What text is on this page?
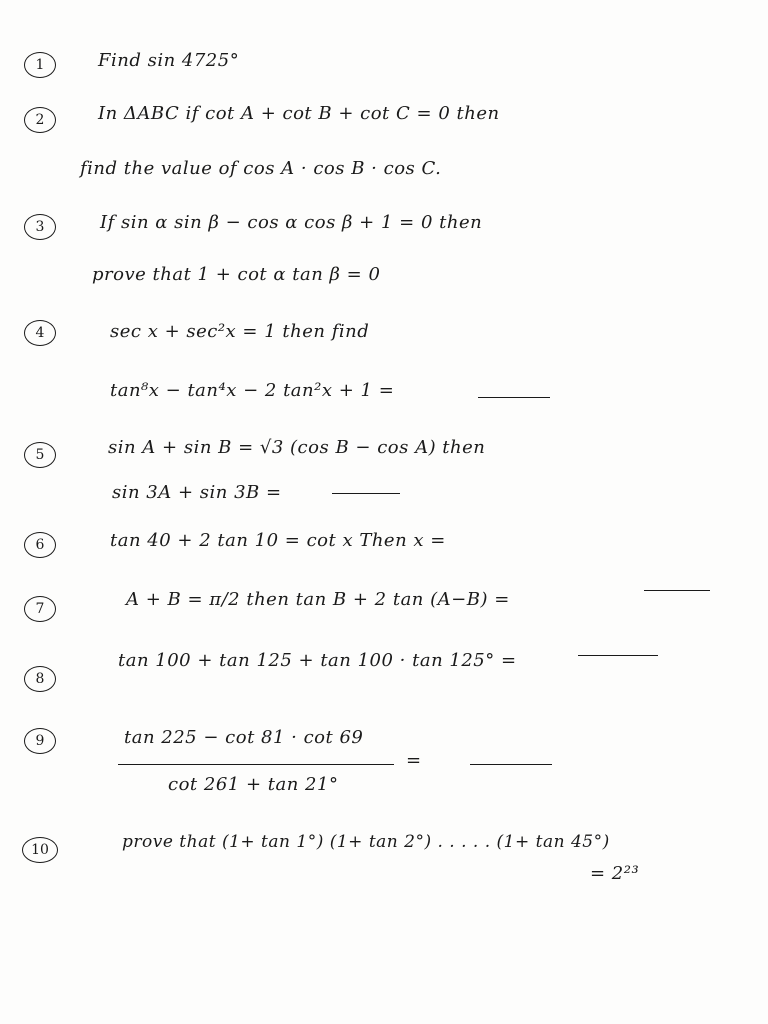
1	Find sin 4725°
2	In ΔABC if cot A + cot B + cot C = 0 then
find the value of cos A · cos B · cos C.
3	If sin α sin β − cos α cos β + 1 = 0 then
prove that 1 + cot α tan β = 0
4	sec x + sec²x = 1 then find
tan⁸x − tan⁴x − 2 tan²x + 1 =
5	sin A + sin B = √3 (cos B − cos A) then
sin 3A + sin 3B =
6	tan 40 + 2 tan 10 = cot x Then x =
7	A + B = π/2 then tan B + 2 tan (A−B) =
8
tan 100 + tan 125 + tan 100 · tan 125° =
9	tan 225 − cot 81 · cot 69
cot 261 + tan 21°
=
10	prove that (1+ tan 1°) (1+ tan 2°) . . . . . (1+ tan 45°)
= 2²³
